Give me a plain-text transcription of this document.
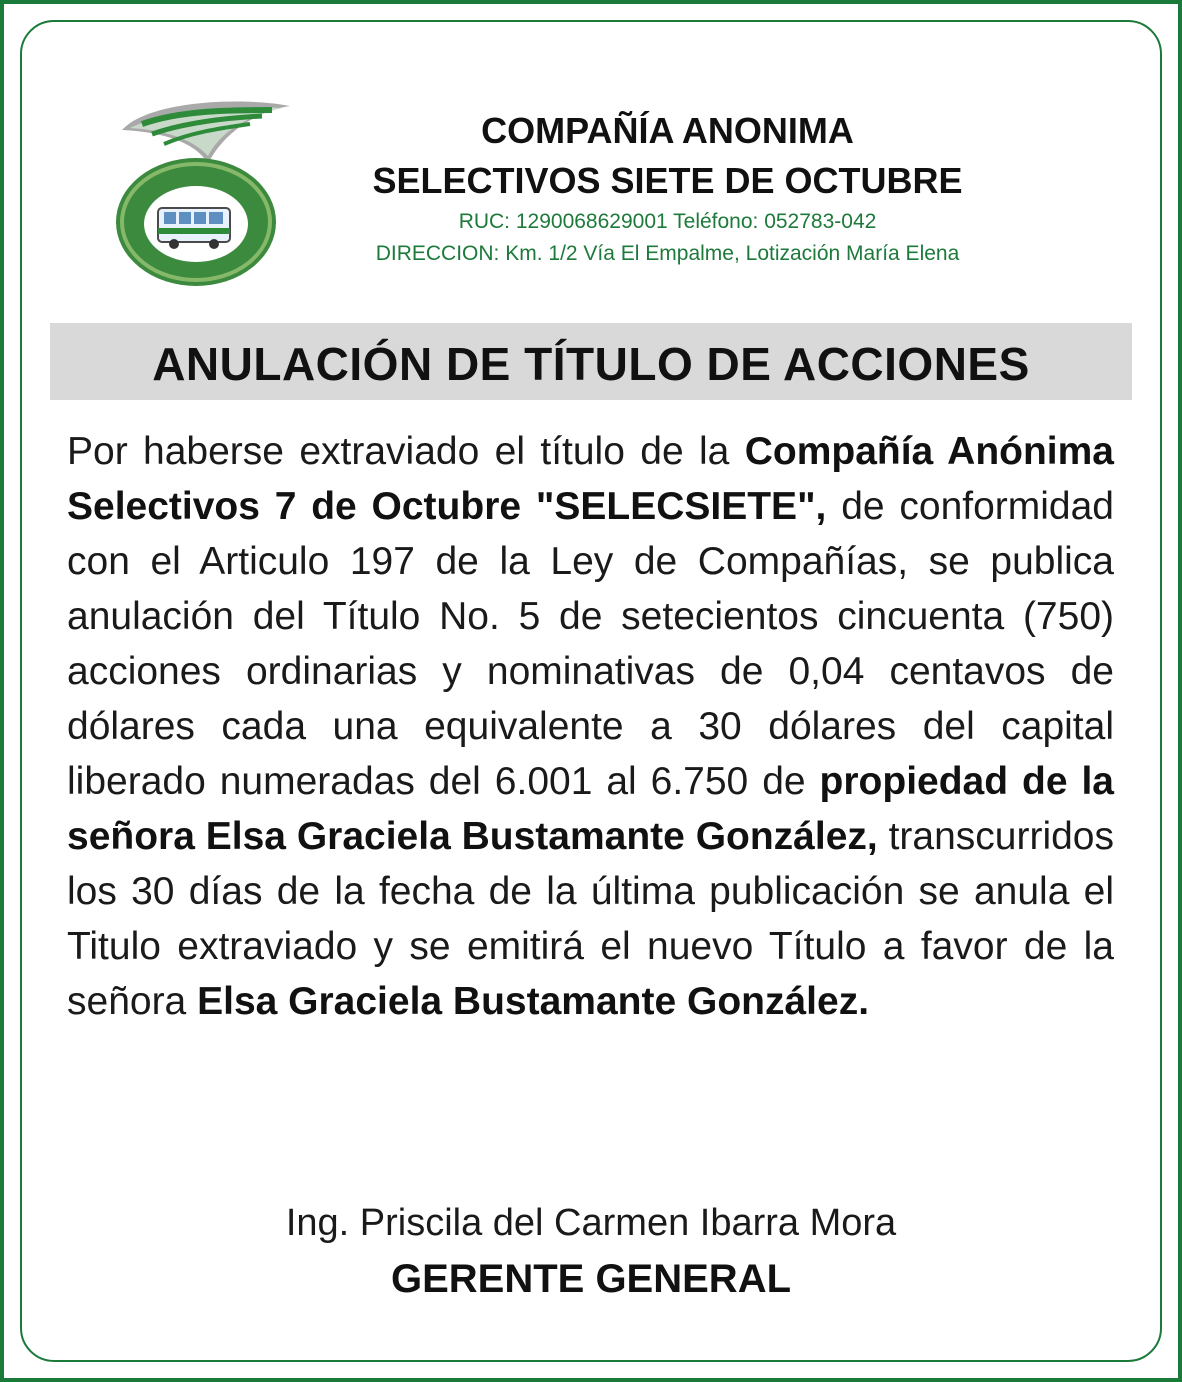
COMPAÑÍA ANONIMA
SELECTIVOS SIETE DE OCTUBRE
RUC: 1290068629001 Teléfono: 052783-042
DIRECCION: Km. 1/2 Vía El Empalme, Lotización María Elena
ANULACIÓN DE TÍTULO DE ACCIONES
Por haberse extraviado el título de la Compañía Anónima Selectivos 7 de Octubre "SELECSIETE", de conformidad con el Articulo 197 de la Ley de Compañías, se publica anulación del Título No. 5 de setecientos cincuenta (750) acciones ordinarias y nominativas de 0,04 centavos de dólares cada una equivalente a 30 dólares del capital liberado numeradas del 6.001 al 6.750 de propiedad de la señora Elsa Graciela Bustamante González, transcurridos los 30 días de la fecha de la última publicación se anula el Titulo extraviado y se emitirá el nuevo Título a favor de la señora Elsa Graciela Bustamante González.
Ing. Priscila del Carmen Ibarra Mora
GERENTE GENERAL
